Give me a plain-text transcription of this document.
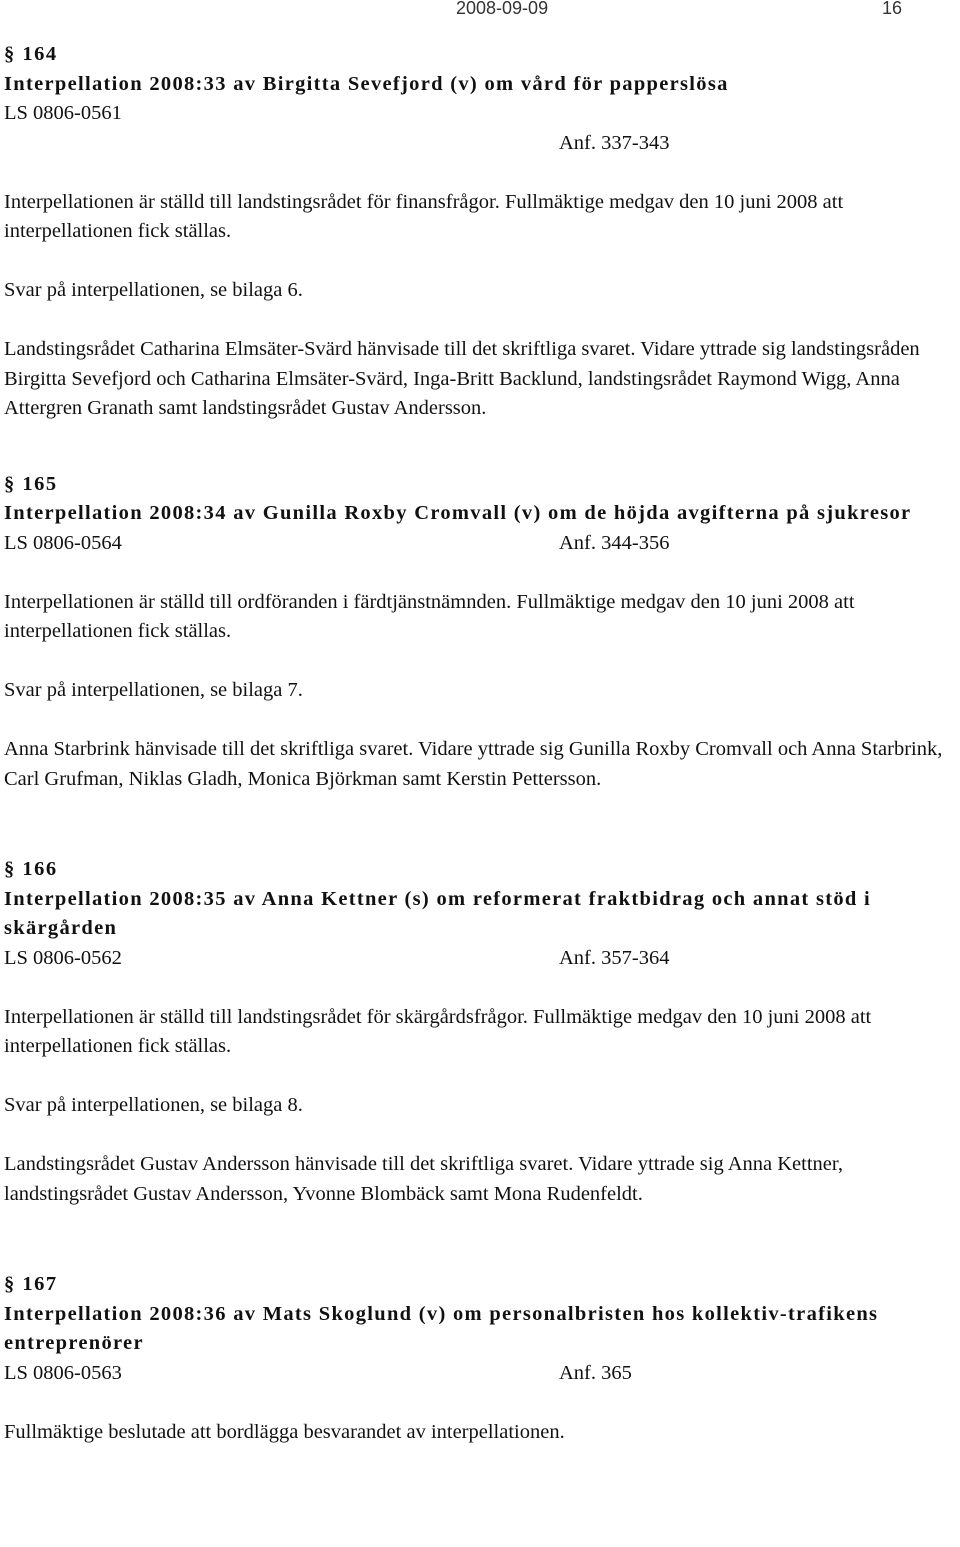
2008-09-09	16
§ 164
Interpellation 2008:33 av Birgitta Sevefjord (v) om vård för papperslösa
LS 0806-0561
Anf. 337-343

Interpellationen är ställd till landstingsrådet för finansfrågor. Fullmäktige medgav den 10 juni 2008 att interpellationen fick ställas.

Svar på interpellationen, se bilaga 6.

Landstingsrådet Catharina Elmsäter-Svärd hänvisade till det skriftliga svaret. Vidare yttrade sig landstingsråden Birgitta Sevefjord och Catharina Elmsäter-Svärd, Inga-Britt Backlund, landstingsrådet Raymond Wigg, Anna Attergren Granath samt landstingsrådet Gustav Andersson.

§ 165
Interpellation 2008:34 av Gunilla Roxby Cromvall (v) om de höjda avgifterna på sjukresor
LS 0806-0564	Anf. 344-356

Interpellationen är ställd till ordföranden i färdtjänstnämnden. Fullmäktige medgav den 10 juni 2008 att interpellationen fick ställas.

Svar på interpellationen, se bilaga 7.

Anna Starbrink hänvisade till det skriftliga svaret. Vidare yttrade sig Gunilla Roxby Cromvall och Anna Starbrink, Carl Grufman, Niklas Gladh, Monica Björkman samt Kerstin Pettersson.

§ 166
Interpellation 2008:35 av Anna Kettner (s) om reformerat fraktbidrag och annat stöd i skärgården
LS 0806-0562	Anf. 357-364

Interpellationen är ställd till landstingsrådet för skärgårdsfrågor. Fullmäktige medgav den 10 juni 2008 att interpellationen fick ställas.

Svar på interpellationen, se bilaga 8.

Landstingsrådet Gustav Andersson hänvisade till det skriftliga svaret. Vidare yttrade sig Anna Kettner, landstingsrådet Gustav Andersson, Yvonne Blombäck samt Mona Rudenfeldt.

§ 167
Interpellation 2008:36 av Mats Skoglund (v) om personalbristen hos kollektiv-trafikens entreprenörer
LS 0806-0563	Anf. 365

Fullmäktige beslutade att bordlägga besvarandet av interpellationen.
